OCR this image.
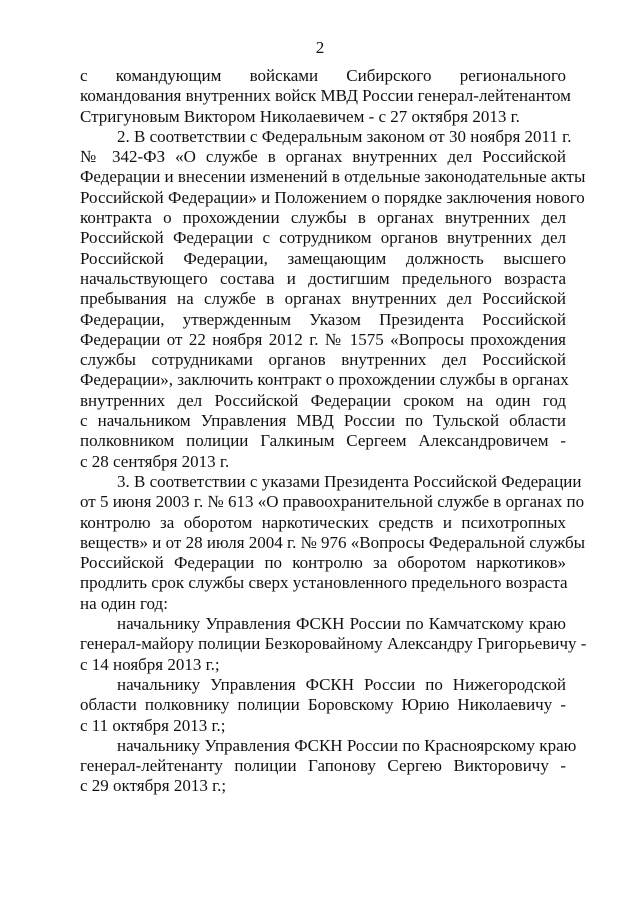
2
с командующим войсками Сибирского регионального
командования внутренних войск МВД России генерал-лейтенантом
Стригуновым Виктором Николаевичем - с 27 октября 2013 г.
2. В соответствии с Федеральным законом от 30 ноября 2011 г.
№ 342-ФЗ «О службе в органах внутренних дел Российской
Федерации и внесении изменений в отдельные законодательные акты
Российской Федерации» и Положением о порядке заключения нового
контракта о прохождении службы в органах внутренних дел
Российской Федерации с сотрудником органов внутренних дел
Российской Федерации, замещающим должность высшего
начальствующего состава и достигшим предельного возраста
пребывания на службе в органах внутренних дел Российской
Федерации, утвержденным Указом Президента Российской
Федерации от 22 ноября 2012 г. № 1575 «Вопросы прохождения
службы сотрудниками органов внутренних дел Российской
Федерации», заключить контракт о прохождении службы в органах
внутренних дел Российской Федерации сроком на один год
с начальником Управления МВД России по Тульской области
полковником полиции Галкиным Сергеем Александровичем -
с 28 сентября 2013 г.
3. В соответствии с указами Президента Российской Федерации
от 5 июня 2003 г. № 613 «О правоохранительной службе в органах по
контролю за оборотом наркотических средств и психотропных
веществ» и от 28 июля 2004 г. № 976 «Вопросы Федеральной службы
Российской Федерации по контролю за оборотом наркотиков»
продлить срок службы сверх установленного предельного возраста
на один год:
начальнику Управления ФСКН России по Камчатскому краю
генерал-майору полиции Безкоровайному Александру Григорьевичу -
с 14 ноября 2013 г.;
начальнику Управления ФСКН России по Нижегородской
области полковнику полиции Боровскому Юрию Николаевичу -
с 11 октября 2013 г.;
начальнику Управления ФСКН России по Красноярскому краю
генерал-лейтенанту полиции Гапонову Сергею Викторовичу -
с 29 октября 2013 г.;
